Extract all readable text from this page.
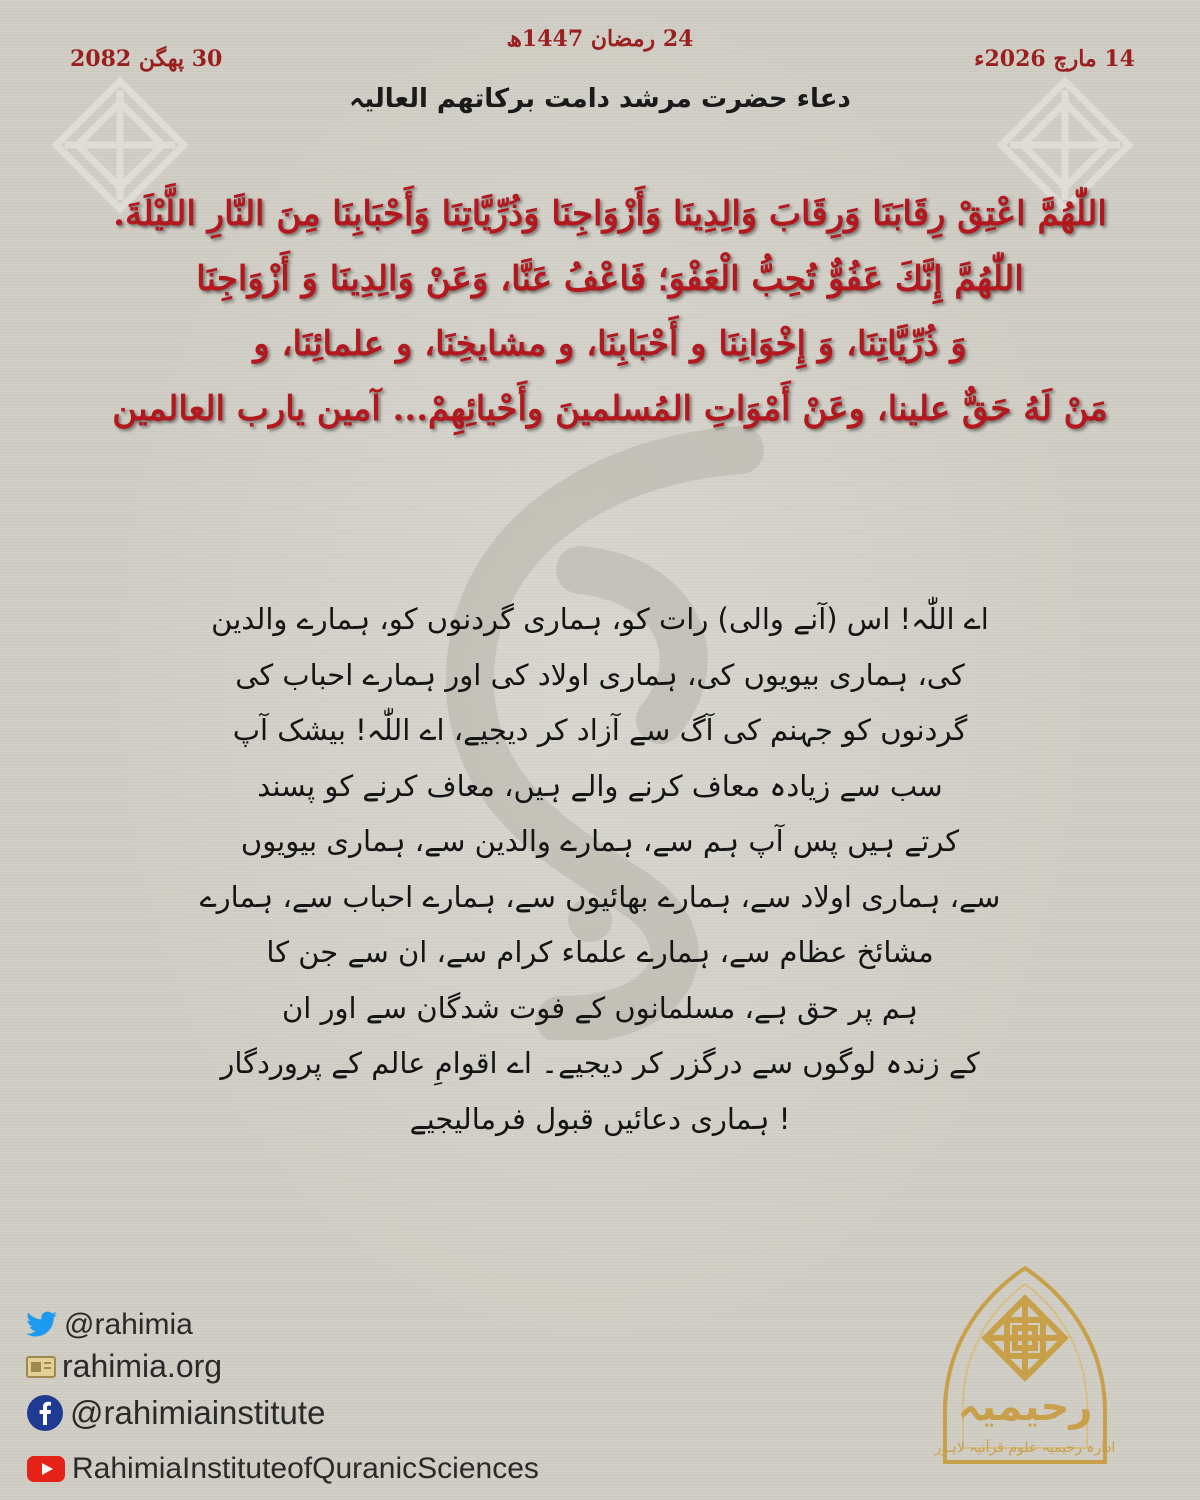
14 مارچ 2026ء
24 رمضان 1447ھ
30 پھگن 2082
دعاء حضرت مرشد دامت برکاتھم العالیہ
اللّٰهُمَّ اعْتِقْ رِقَابَنَا وَرِقَابَ وَالِدِينَا وَأَزْوَاجِنَا وَذُرِّيَّاتِنَا وَأَحْبَابِنَا مِنَ النَّارِ اللَّيْلَةَ.
اللّٰهُمَّ إِنَّكَ عَفُوٌّ تُحِبُّ الْعَفْوَ؛ فَاعْفُ عَنَّا، وَعَنْ وَالِدِينَا وَ أَزْوَاجِنَا
وَ ذُرِّيَّاتِنَا، وَ إِخْوَانِنَا و أَحْبَابِنَا، و مشايخِنَا، و علمائِنَا، و
مَنْ لَهُ حَقٌّ علينا، وعَنْ أَمْوَاتِ المُسلمينَ وأَحْيائِهِمْ... آمين يارب العالمين
اے اللّٰہ! اس (آنے والی) رات کو، ہماری گردنوں کو، ہمارے والدین
کی، ہماری بیویوں کی، ہماری اولاد کی اور ہمارے احباب کی
گردنوں کو جہنم کی آگ سے آزاد کر دیجیے، اے اللّٰہ! بیشک آپ
سب سے زیادہ معاف کرنے والے ہیں، معاف کرنے کو پسند
کرتے ہیں پس آپ ہم سے، ہمارے والدین سے، ہماری بیویوں
سے، ہماری اولاد سے، ہمارے بھائیوں سے، ہمارے احباب سے، ہمارے
مشائخ عظام سے، ہمارے علماء کرام سے، ان سے جن کا
ہم پر حق ہے، مسلمانوں کے فوت شدگان سے اور ان
کے زندہ لوگوں سے درگزر کر دیجیے۔ اے اقوامِ عالم کے پروردگار
! ہماری دعائیں قبول فرمالیجیے
@rahimia
rahimia.org
@rahimiainstitute
RahimiaInstituteofQuranicSciences
رحیمیہ
ادارہ رحیمیہ علوم قرآنیہ لاہور
